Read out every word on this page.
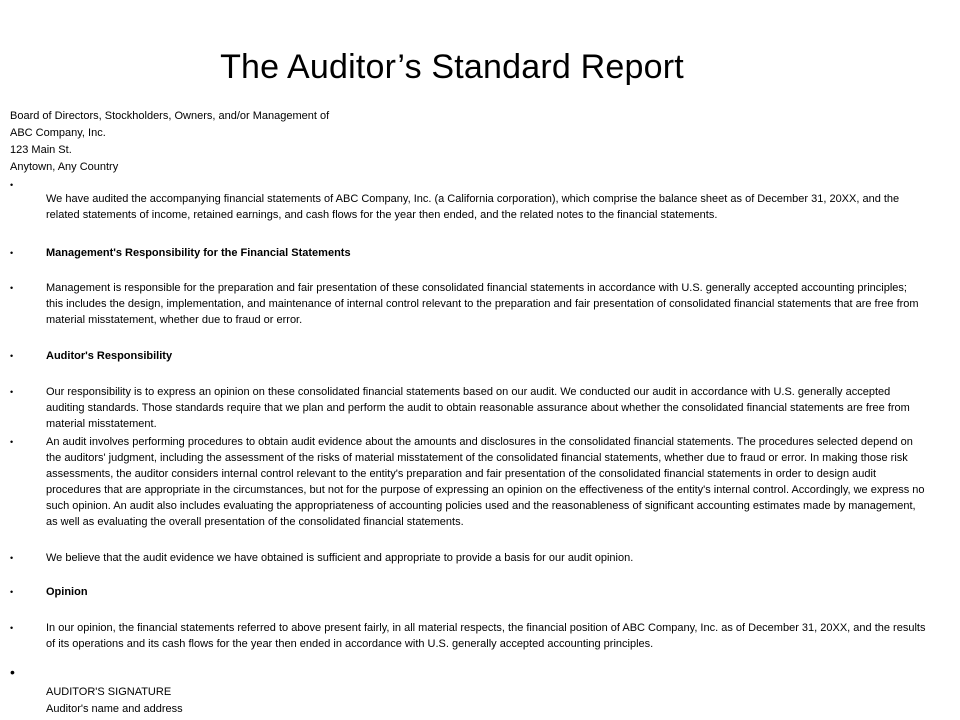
The Auditor’s Standard Report
Board of Directors, Stockholders, Owners, and/or Management of
ABC Company, Inc.
123 Main St.
Anytown, Any Country
•
We have audited the accompanying financial statements of ABC Company, Inc. (a California corporation), which comprise the balance sheet as of December 31, 20XX, and the related statements of income, retained earnings, and cash flows for the year then ended, and the related notes to the financial statements.
•	Management's Responsibility for the Financial Statements
•	Management is responsible for the preparation and fair presentation of these consolidated financial statements in accordance with U.S. generally accepted accounting principles; this includes the design, implementation, and maintenance of internal control relevant to the preparation and fair presentation of consolidated financial statements that are free from material misstatement, whether due to fraud or error.
•	Auditor's Responsibility
•	Our responsibility is to express an opinion on these consolidated financial statements based on our audit. We conducted our audit in accordance with U.S. generally accepted auditing standards. Those standards require that we plan and perform the audit to obtain reasonable assurance about whether the consolidated financial statements are free from material misstatement.
•	An audit involves performing procedures to obtain audit evidence about the amounts and disclosures in the consolidated financial statements. The procedures selected depend on the auditors' judgment, including the assessment of the risks of material misstatement of the consolidated financial statements, whether due to fraud or error. In making those risk assessments, the auditor considers internal control relevant to the entity's preparation and fair presentation of the consolidated financial statements in order to design audit procedures that are appropriate in the circumstances, but not for the purpose of expressing an opinion on the effectiveness of the entity's internal control. Accordingly, we express no such opinion. An audit also includes evaluating the appropriateness of accounting policies used and the reasonableness of significant accounting estimates made by management, as well as evaluating the overall presentation of the consolidated financial statements.
•	We believe that the audit evidence we have obtained is sufficient and appropriate to provide a basis for our audit opinion.
•	Opinion
•	In our opinion, the financial statements referred to above present fairly, in all material respects, the financial position of ABC Company, Inc. as of December 31, 20XX, and the results of its operations and its cash flows for the year then ended in accordance with U.S. generally accepted accounting principles.
•
AUDITOR'S SIGNATURE
Auditor's name and address
